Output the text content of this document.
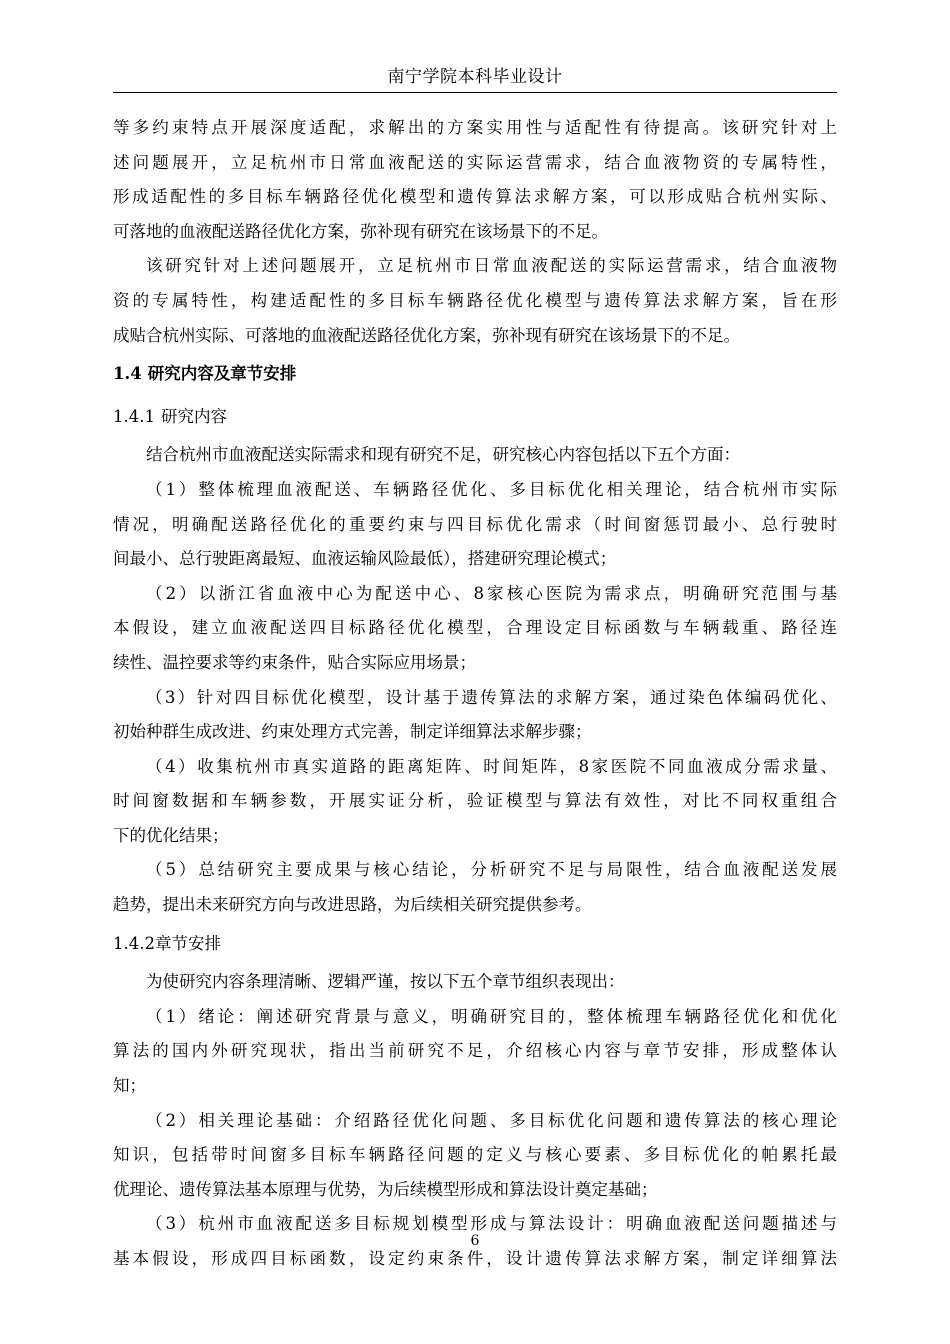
南宁学院本科毕业设计

等多约束特点开展深度适配，求解出的方案实用性与适配性有待提高。该研究针对上
述问题展开，立足杭州市日常血液配送的实际运营需求，结合血液物资的专属特性，
形成适配性的多目标车辆路径优化模型和遗传算法求解方案，可以形成贴合杭州实际、
可落地的血液配送路径优化方案，弥补现有研究在该场景下的不足。

该研究针对上述问题展开，立足杭州市日常血液配送的实际运营需求，结合血液物
资的专属特性，构建适配性的多目标车辆路径优化模型与遗传算法求解方案，旨在形
成贴合杭州实际、可落地的血液配送路径优化方案，弥补现有研究在该场景下的不足。

1.4 研究内容及章节安排
1.4.1 研究内容

结合杭州市血液配送实际需求和现有研究不足，研究核心内容包括以下五个方面：

（1）整体梳理血液配送、车辆路径优化、多目标优化相关理论，结合杭州市实际
情况，明确配送路径优化的重要约束与四目标优化需求（时间窗惩罚最小、总行驶时
间最小、总行驶距离最短、血液运输风险最低），搭建研究理论模式；

（2）以浙江省血液中心为配送中心、8家核心医院为需求点，明确研究范围与基
本假设，建立血液配送四目标路径优化模型，合理设定目标函数与车辆载重、路径连
续性、温控要求等约束条件，贴合实际应用场景；

（3）针对四目标优化模型，设计基于遗传算法的求解方案，通过染色体编码优化、
初始种群生成改进、约束处理方式完善，制定详细算法求解步骤；

（4）收集杭州市真实道路的距离矩阵、时间矩阵，8家医院不同血液成分需求量、
时间窗数据和车辆参数，开展实证分析，验证模型与算法有效性，对比不同权重组合
下的优化结果；

（5）总结研究主要成果与核心结论，分析研究不足与局限性，结合血液配送发展
趋势，提出未来研究方向与改进思路，为后续相关研究提供参考。

1.4.2章节安排

为使研究内容条理清晰、逻辑严谨，按以下五个章节组织表现出：

（1）绪论：阐述研究背景与意义，明确研究目的，整体梳理车辆路径优化和优化
算法的国内外研究现状，指出当前研究不足，介绍核心内容与章节安排，形成整体认
知；

（2）相关理论基础：介绍路径优化问题、多目标优化问题和遗传算法的核心理论
知识，包括带时间窗多目标车辆路径问题的定义与核心要素、多目标优化的帕累托最
优理论、遗传算法基本原理与优势，为后续模型形成和算法设计奠定基础；

（3）杭州市血液配送多目标规划模型形成与算法设计：明确血液配送问题描述与
基本假设，形成四目标函数，设定约束条件，设计遗传算法求解方案，制定详细算法

6
